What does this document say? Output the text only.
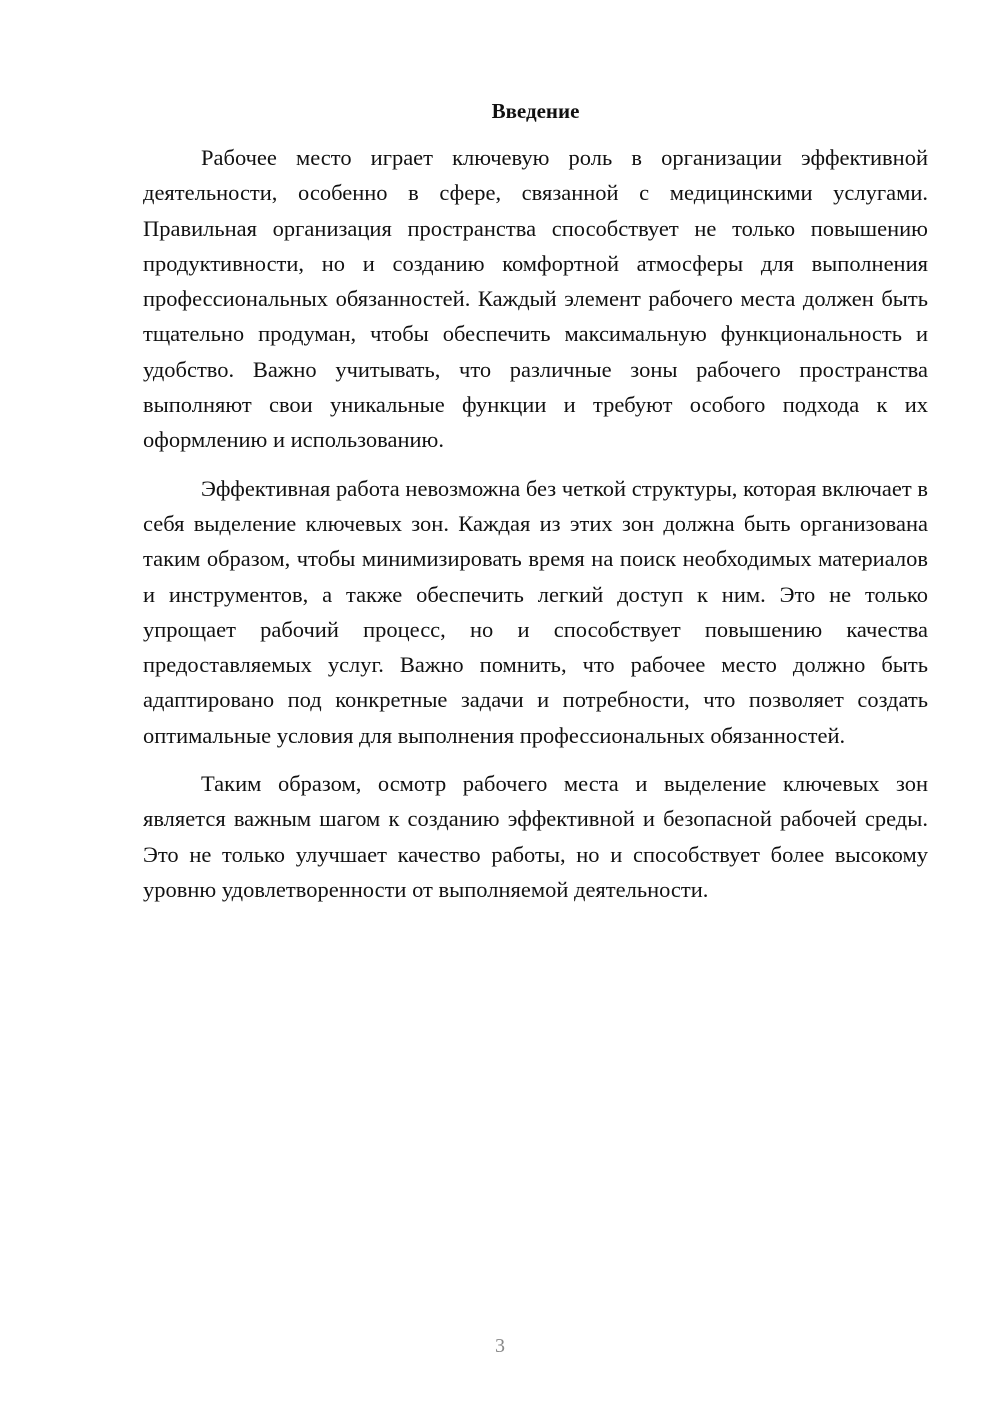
Введение

Рабочее место играет ключевую роль в организации эффективной деятельности, особенно в сфере, связанной с медицинскими услугами. Правильная организация пространства способствует не только повышению продуктивности, но и созданию комфортной атмосферы для выполнения профессиональных обязанностей. Каждый элемент рабочего места должен быть тщательно продуман, чтобы обеспечить максимальную функциональность и удобство. Важно учитывать, что различные зоны рабочего пространства выполняют свои уникальные функции и требуют особого подхода к их оформлению и использованию.

Эффективная работа невозможна без четкой структуры, которая включает в себя выделение ключевых зон. Каждая из этих зон должна быть организована таким образом, чтобы минимизировать время на поиск необходимых материалов и инструментов, а также обеспечить легкий доступ к ним. Это не только упрощает рабочий процесс, но и способствует повышению качества предоставляемых услуг. Важно помнить, что рабочее место должно быть адаптировано под конкретные задачи и потребности, что позволяет создать оптимальные условия для выполнения профессиональных обязанностей.

Таким образом, осмотр рабочего места и выделение ключевых зон является важным шагом к созданию эффективной и безопасной рабочей среды. Это не только улучшает качество работы, но и способствует более высокому уровню удовлетворенности от выполняемой деятельности.

3
